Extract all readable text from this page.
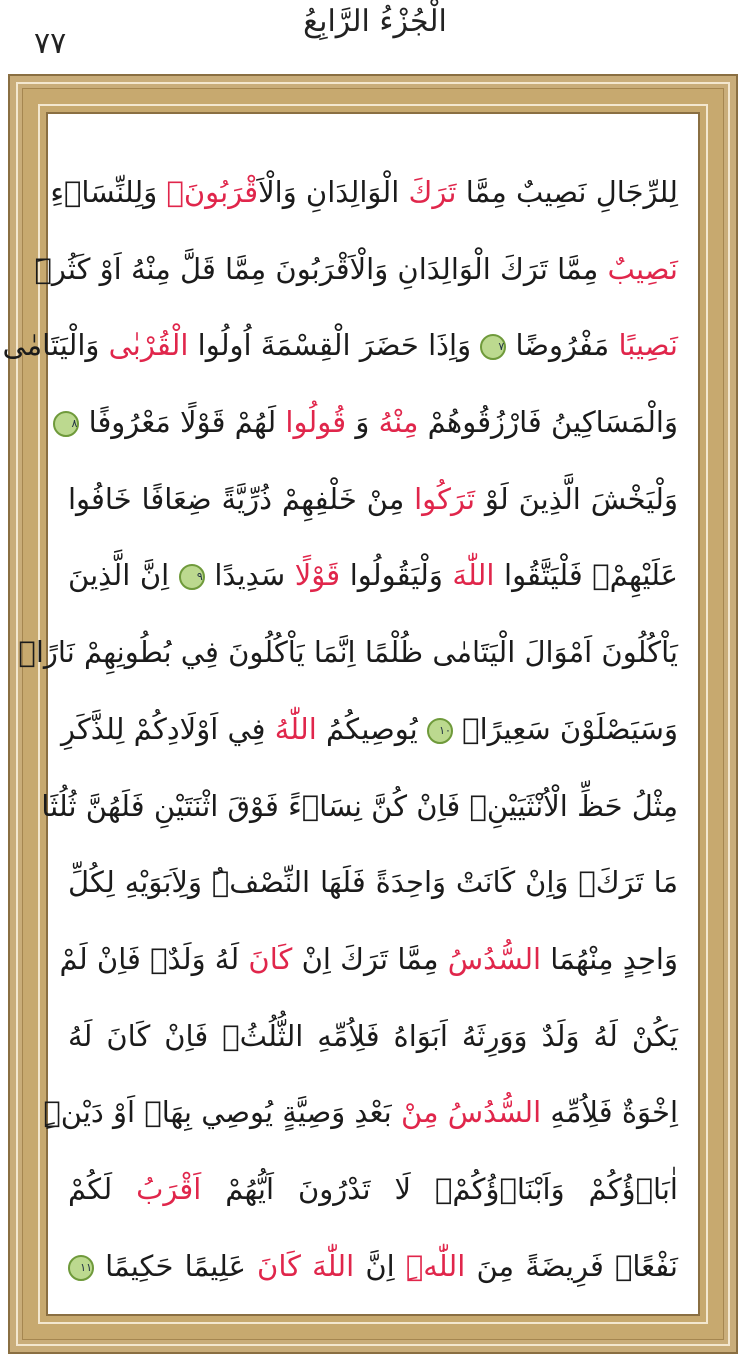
الْجُزْءُ الرَّابِعُ
٧٧
لِلرِّجَالِ نَصِيبٌ مِمَّا تَرَكَ الْوَالِدَانِ وَالْاَقْرَبُونَۖ وَلِلنِّسَاۤءِ
نَصِيبٌ مِمَّا تَرَكَ الْوَالِدَانِ وَالْاَقْرَبُونَ مِمَّا قَلَّ مِنْهُ اَوْ كَثُرَۜ
نَصِيبًا مَفْرُوضًا ٧ وَاِذَا حَضَرَ الْقِسْمَةَ اُولُوا الْقُرْبٰى وَالْيَتَامٰى
وَالْمَسَاكِينُ فَارْزُقُوهُمْ مِنْهُ وَ قُولُوا لَهُمْ قَوْلًا مَعْرُوفًا ٨
وَلْيَخْشَ الَّذِينَ لَوْ تَرَكُوا مِنْ خَلْفِهِمْ ذُرِّيَّةً ضِعَافًا خَافُوا
عَلَيْهِمْۖ فَلْيَتَّقُوا اللّٰهَ وَلْيَقُولُوا قَوْلًا سَدِيدًا ٩ اِنَّ الَّذِينَ
يَاْكُلُونَ اَمْوَالَ الْيَتَامٰى ظُلْمًا اِنَّمَا يَاْكُلُونَ فِي بُطُونِهِمْ نَارًاۜ
وَسَيَصْلَوْنَ سَعِيرًا۟ ١٠ يُوصِيكُمُ اللّٰهُ فِي اَوْلَادِكُمْ لِلذَّكَرِ
مِثْلُ حَظِّ الْاُنْثَيَيْنِۚ فَاِنْ كُنَّ نِسَاۤءً فَوْقَ اثْنَتَيْنِ فَلَهُنَّ ثُلُثَا
مَا تَرَكَۚ وَاِنْ كَانَتْ وَاحِدَةً فَلَهَا النِّصْفُۜ وَلِاَبَوَيْهِ لِكُلِّ
وَاحِدٍ مِنْهُمَا السُّدُسُ مِمَّا تَرَكَ اِنْ كَانَ لَهُ وَلَدٌۚ فَاِنْ لَمْ
يَكُنْ لَهُ وَلَدٌ وَوَرِثَهُ اَبَوَاهُ فَلِاُمِّهِ الثُّلُثُۚ فَاِنْ كَانَ لَهُ
اِخْوَةٌ فَلِاُمِّهِ السُّدُسُ مِنْ بَعْدِ وَصِيَّةٍ يُوصِي بِهَاۤ اَوْ دَيْنٍۜ
اٰبَاۤؤُكُمْ وَاَبْنَاۤؤُكُمْۚ لَا تَدْرُونَ اَيُّهُمْ اَقْرَبُ لَكُمْ
نَفْعًاۜ فَرِيضَةً مِنَ اللّٰهِۜ اِنَّ اللّٰهَ كَانَ عَلِيمًا حَكِيمًا ١١
